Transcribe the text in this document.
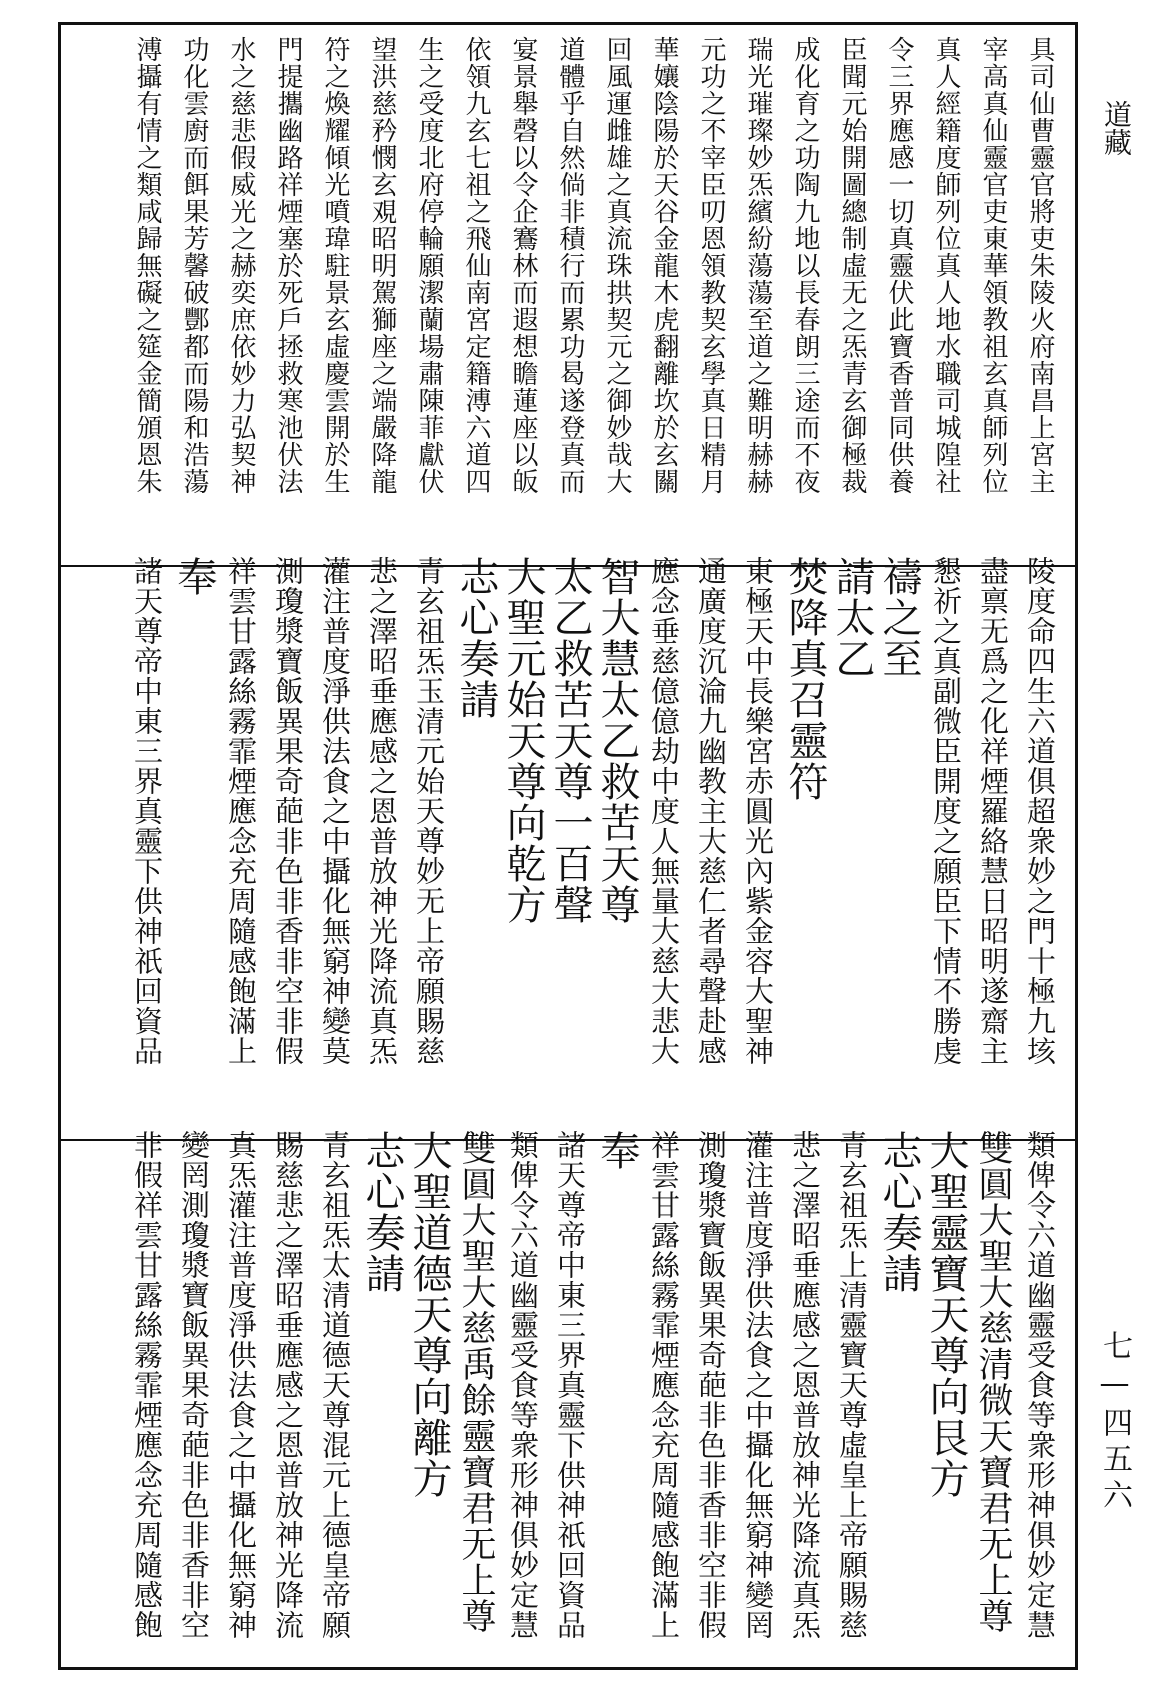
道藏
七—四五六
具司仙曹靈官將吏朱陵火府南昌上宮主
宰高真仙靈官吏東華領教祖玄真師列位
真人經籍度師列位真人地水職司城隍社
令三界應感一切真靈伏此寶香普同供養
臣聞元始開圖總制虛无之炁青玄御極裁
成化育之功陶九地以長春朗三途而不夜
瑞光璀璨妙炁繽紛蕩蕩至道之難明赫赫
元功之不宰臣叨恩領教契玄學真日精月
華孃陰陽於天谷金龍木虎翻離坎於玄關
回風運雌雄之真流珠拱契元之御妙哉大
道體乎自然倘非積行而累功曷遂登真而
宴景舉磬以令企鶱林而遐想瞻蓮座以皈
依領九玄七祖之飛仙南宮定籍溥六道四
生之受度北府停輪願潔蘭場肅陳菲獻伏
望洪慈矜憫玄覌昭明駕獅座之端嚴降龍
符之煥耀傾光噴瑋駐景玄虛慶雲開於生
門提攜幽路祥煙塞於死戶拯救寒池伏法
水之慈悲假威光之赫奕庶依妙力弘契神
功化雲廚而餌果芳馨破酆都而陽和浩蕩
溥攝有情之類咸歸無礙之筵金簡頒恩朱
陵度命四生六道俱超衆妙之門十極九垓
盡禀无爲之化祥煙羅絡慧日昭明遂齋主
懇祈之真副微臣開度之願臣下情不勝虔
禱之至
請太乙
焚降真召靈符
東極天中長樂宮赤圓光內紫金容大聖神
通廣度沉淪九幽教主大慈仁者尋聲赴感
應念垂慈億億劫中度人無量大慈大悲大
智大慧太乙救苦天尊
太乙救苦天尊一百聲
大聖元始天尊向乾方
志心奏請
青玄祖炁玉清元始天尊妙无上帝願賜慈
悲之澤昭垂應感之恩普放神光降流真炁
灌注普度淨供法食之中攝化無窮神變莫
測瓊漿寶飯異果奇葩非色非香非空非假
祥雲甘露絲霧霏煙應念充周隨感飽滿上
奉
諸天尊帝中東三界真靈下供神祇回資品
類俾令六道幽靈受食等衆形神俱妙定慧
雙圓大聖大慈清微天寶君无上尊
大聖靈寶天尊向艮方
志心奏請
青玄祖炁上清靈寶天尊虛皇上帝願賜慈
悲之澤昭垂應感之恩普放神光降流真炁
灌注普度淨供法食之中攝化無窮神變罔
測瓊漿寶飯異果奇葩非色非香非空非假
祥雲甘露絲霧霏煙應念充周隨感飽滿上
奉
諸天尊帝中東三界真靈下供神祇回資品
類俾令六道幽靈受食等衆形神俱妙定慧
雙圓大聖大慈禹餘靈寶君无上尊
大聖道德天尊向離方
志心奏請
青玄祖炁太清道德天尊混元上德皇帝願
賜慈悲之澤昭垂應感之恩普放神光降流
真炁灌注普度淨供法食之中攝化無窮神
變罔測瓊漿寶飯異果奇葩非色非香非空
非假祥雲甘露絲霧霏煙應念充周隨感飽
